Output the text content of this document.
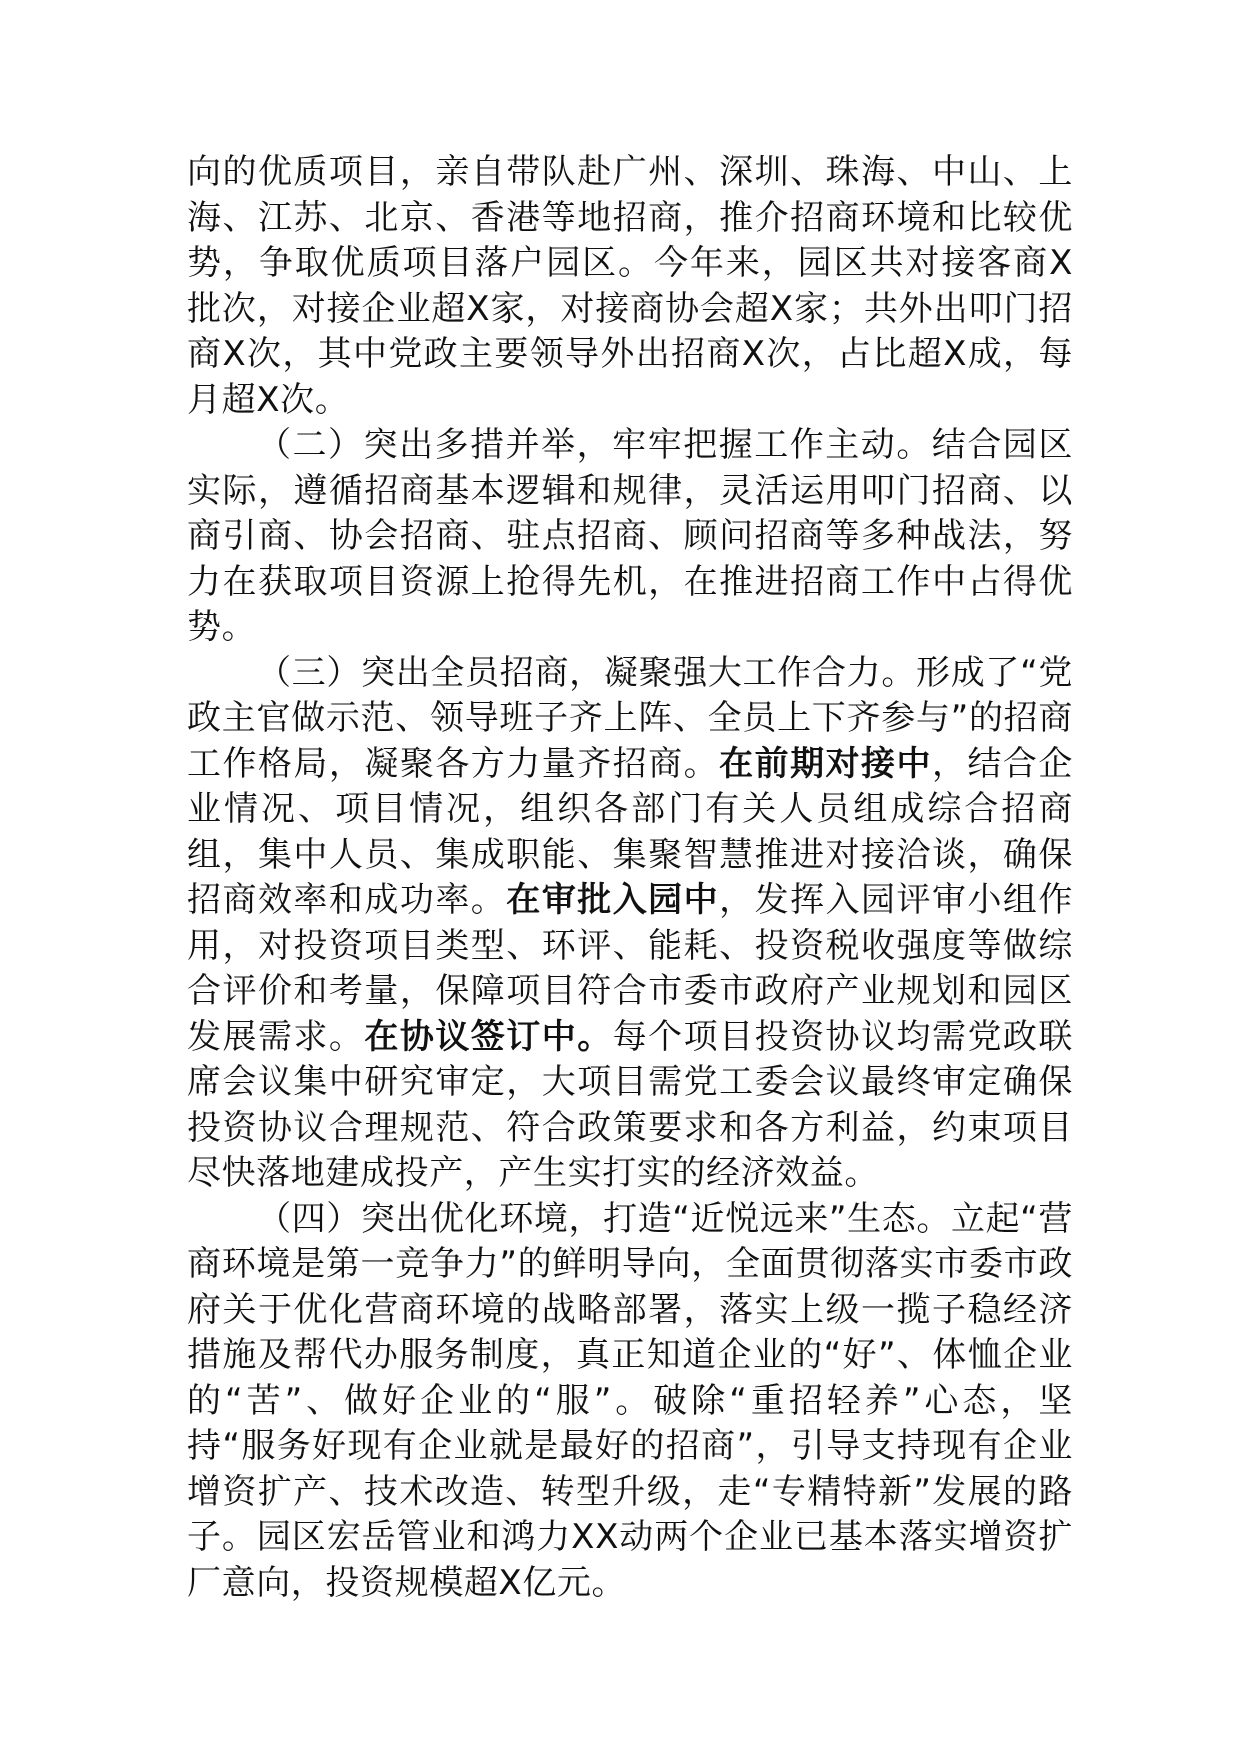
向的优质项目，亲自带队赴广州、深圳、珠海、中山、上海、江苏、北京、香港等地招商，推介招商环境和比较优势，争取优质项目落户园区。今年来，园区共对接客商X批次，对接企业超X家，对接商协会超X家；共外出叩门招商X次，其中党政主要领导外出招商X次，占比超X成，每月超X次。

（二）突出多措并举，牢牢把握工作主动。结合园区实际，遵循招商基本逻辑和规律，灵活运用叩门招商、以商引商、协会招商、驻点招商、顾问招商等多种战法，努力在获取项目资源上抢得先机，在推进招商工作中占得优势。

（三）突出全员招商，凝聚强大工作合力。形成了“党政主官做示范、领导班子齐上阵、全员上下齐参与”的招商工作格局，凝聚各方力量齐招商。在前期对接中，结合企业情况、项目情况，组织各部门有关人员组成综合招商组，集中人员、集成职能、集聚智慧推进对接洽谈，确保招商效率和成功率。在审批入园中，发挥入园评审小组作用，对投资项目类型、环评、能耗、投资税收强度等做综合评价和考量，保障项目符合市委市政府产业规划和园区发展需求。在协议签订中。每个项目投资协议均需党政联席会议集中研究审定，大项目需党工委会议最终审定确保投资协议合理规范、符合政策要求和各方利益，约束项目尽快落地建成投产，产生实打实的经济效益。

（四）突出优化环境，打造“近悦远来”生态。立起“营商环境是第一竞争力”的鲜明导向，全面贯彻落实市委市政府关于优化营商环境的战略部署，落实上级一揽子稳经济措施及帮代办服务制度，真正知道企业的“好”、体恤企业的“苦”、做好企业的“服”。破除“重招轻养”心态，坚持“服务好现有企业就是最好的招商”，引导支持现有企业增资扩产、技术改造、转型升级，走“专精特新”发展的路子。园区宏岳管业和鸿力XX动两个企业已基本落实增资扩厂意向，投资规模超X亿元。
